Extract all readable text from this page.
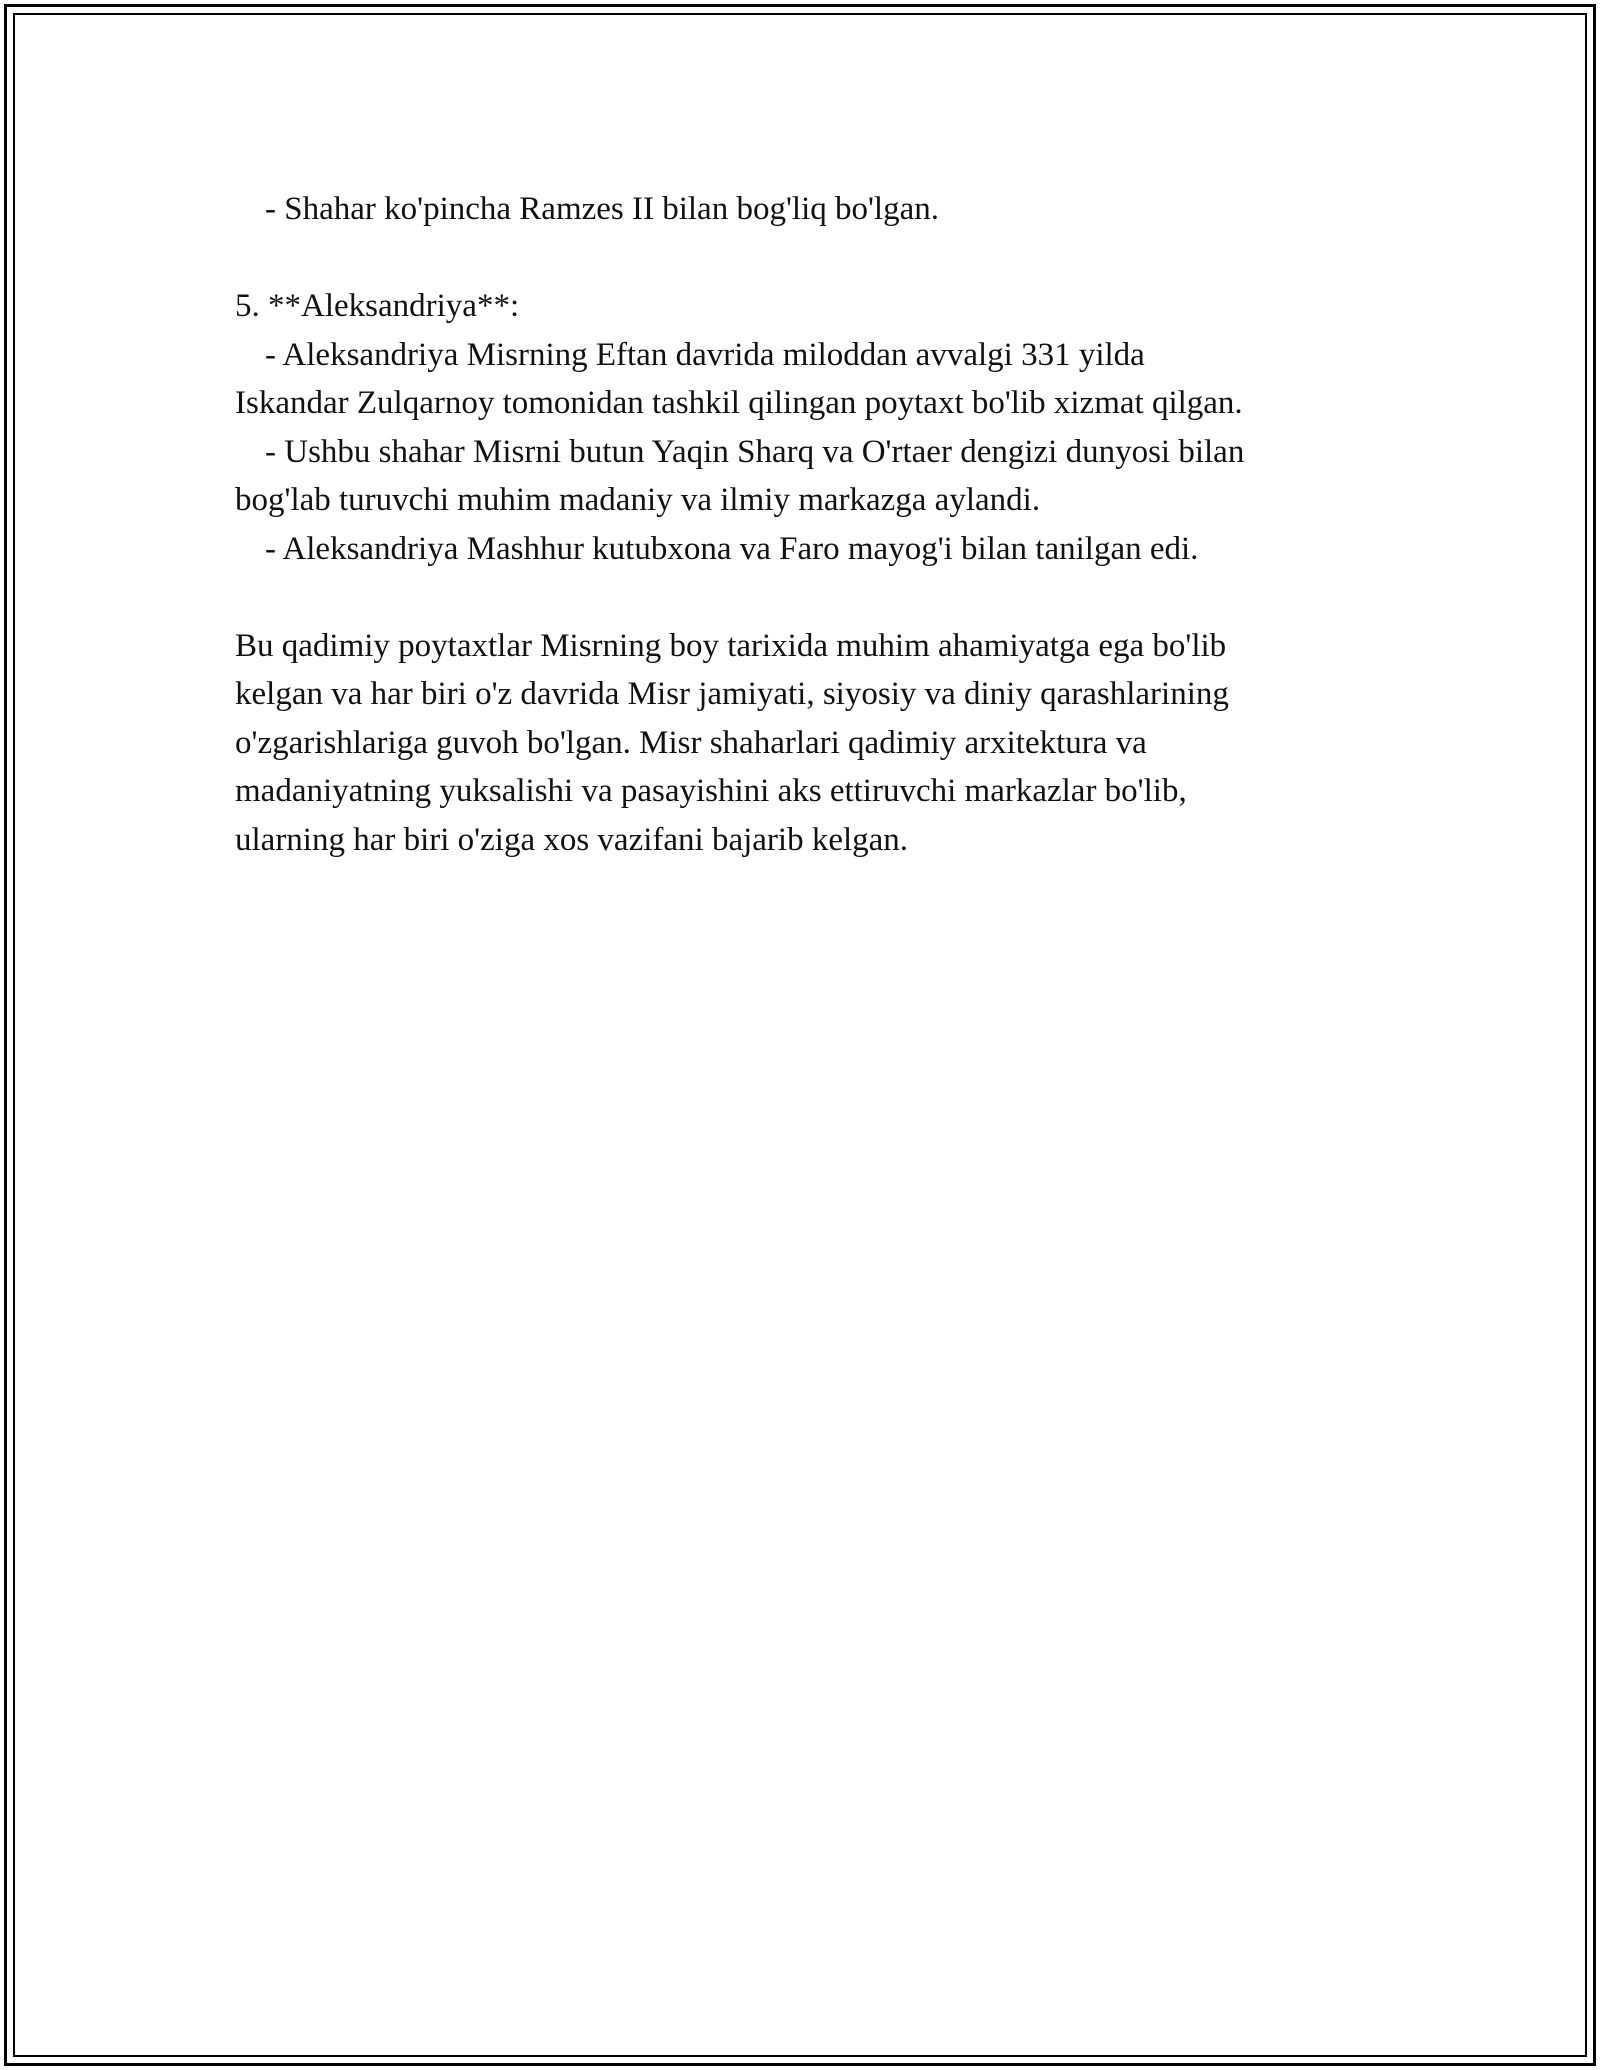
- Shahar ko'pincha Ramzes II bilan bog'liq bo'lgan.
5. **Aleksandriya**:
- Aleksandriya Misrning Eftan davrida miloddan avvalgi 331 yilda
Iskandar Zulqarnoy tomonidan tashkil qilingan poytaxt bo'lib xizmat qilgan.
- Ushbu shahar Misrni butun Yaqin Sharq va O'rtaer dengizi dunyosi bilan
bog'lab turuvchi muhim madaniy va ilmiy markazga aylandi.
- Aleksandriya Mashhur kutubxona va Faro mayog'i bilan tanilgan edi.
Bu qadimiy poytaxtlar Misrning boy tarixida muhim ahamiyatga ega bo'lib
kelgan va har biri o'z davrida Misr jamiyati, siyosiy va diniy qarashlarining
o'zgarishlariga guvoh bo'lgan. Misr shaharlari qadimiy arxitektura va
madaniyatning yuksalishi va pasayishini aks ettiruvchi markazlar bo'lib,
ularning har biri o'ziga xos vazifani bajarib kelgan.
